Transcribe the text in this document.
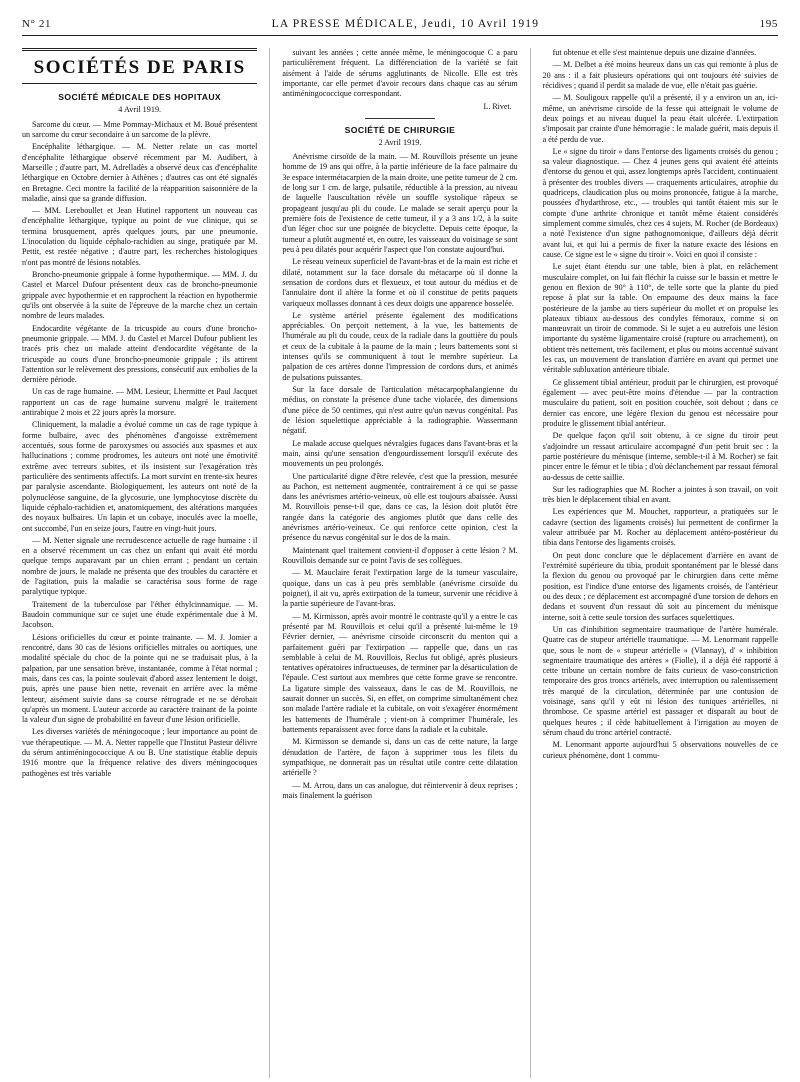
N° 21	LA PRESSE MÉDICALE, Jeudi, 10 Avril 1919	195
SOCIÉTÉS DE PARIS
SOCIÉTÉ MÉDICALE DES HOPITAUX
4 Avril 1919.

Sarcome du cœur. — Mme Pommay-Michaux et M. Boué présentent un sarcome du cœur secondaire à un sarcome de la plèvre.

Encéphalite léthargique. — M. Netter relate un cas mortel d'encéphalite léthargique observé récemment par M. Audibert, à Marseille ; d'autre part, M. Adrelladès a observé deux cas d'encéphalite léthargique en Octobre dernier à Athènes ; d'autres cas ont été signalés en Bretagne. Ceci montre la facilité de la réapparition saisonnière de la maladie, ainsi que sa grande diffusion.

— MM. Lereboullet et Jean Hutinel rapportent un nouveau cas d'encéphalite léthargique, typique au point de vue clinique, qui se termina brusquement, après quelques jours, par une pneumonie. L'inoculation du liquide céphalo-rachidien au singe, pratiquée par M. Pettit, est restée négative ; d'autre part, les recherches histologiques n'ont pas montré de lésions notables.

Broncho-pneumonie grippale à forme hypothermique. — MM. J. du Castel et Marcel Dufour présentent deux cas de broncho-pneumonie grippale avec hypothermie et en rapprochent la réaction en hypothermie qu'ils ont observée à la suite de l'épreuve de la marche chez un certain nombre de leurs malades.

Endocardite végétante de la tricuspide au cours d'une broncho-pneumonie grippale. — MM. J. du Castel et Marcel Dufour publient les tracés pris chez un malade atteint d'endocardite végétante de la tricuspide au cours d'une broncho-pneumonie grippale ; ils attirent l'attention sur le relèvement des pressions, consécutif aux embolies de la dernière période.

Un cas de rage humaine. — MM. Lesieur, Lhermitte et Paul Jacquet rapportent un cas de rage humaine survenu malgré le traitement antirabique 2 mois et 22 jours après la morsure.

Cliniquement, la maladie a évolué comme un cas de rage typique à forme bulbaire, avec des phénomènes d'angoisse extrêmement accentués, sous forme de paroxysmes ou associés aux spasmes et aux hallucinations ; comme prodromes, les auteurs ont noté une émotivité extrême avec terreurs subites, et ils insistent sur l'exagération très particulière des sentiments affectifs. La mort survint en trente-six heures par paralysie ascendante. Biologiquement, les auteurs ont noté de la polynucléose sanguine, de la glycosurie, une lymphocytose discrète du liquide céphalo-rachidien et, anatomiquement, des altérations marquées des noyaux bulbaires. Un lapin et un cobaye, inoculés avec la moelle, ont succombé, l'un en seize jours, l'autre en vingt-huit jours.

— M. Netter signale une recrudescence actuelle de rage humaine : il en a observé récemment un cas chez un enfant qui avait été mordu quelque temps auparavant par un chien errant ; pendant un certain nombre de jours, le malade ne présenta que des troubles du caractère et de l'agitation, puis la maladie se caractérisa sous forme de rage paralytique typique.

Traitement de la tuberculose par l'éther éthylcinnamique. — M. Baudoin communique sur ce sujet une étude expérimentale due à M. Jacobson.

Lésions orificielles du cœur et pointe trainante. — M. J. Jomier a rencontré, dans 30 cas de lésions orificielles mitrales ou aortiques, une modalité spéciale du choc de la pointe qui ne se traduisait plus, à la palpation, par une sensation brève, instantanée, comme à l'état normal ; mais, dans ces cas, la pointe soulevait d'abord assez lentement le doigt, puis, après une pause bien nette, revenait en arrière avec la même lenteur, aisément suivie dans sa course rétrograde et ne se dérobait qu'après un moment. L'auteur accorde au caractère trainant de la pointe la valeur d'un signe de probabilité en faveur d'une lésion orificielle.

Les diverses variétés de méningocoque ; leur importance au point de vue thérapeutique. — M. A. Netter rappelle que l'Institut Pasteur délivre du sérum antiméningococcique A ou B. Une statistique établie depuis 1916 montre que la fréquence relative des divers méningocoques pathogènes est très variable

suivant les années ; cette année même, le méningocoque C a paru particulièrement fréquent. La différenciation de la variété se fait aisément à l'aide de sérums agglutinants de Nicolle. Elle est très importante, car elle permet d'avoir recours dans chaque cas au sérum antiméningococcique correspondant.

L. Rivet.
SOCIÉTÉ DE CHIRURGIE
2 Avril 1919.

Anévrisme cirsoïde de la main. — M. Rouvillois présente un jeune homme de 19 ans qui offre, à la partie inférieure de la face palmaire du 3e espace intermétacarpien de la main droite, une petite tumeur de 2 cm. de long sur 1 cm. de large, pulsatile, réductible à la pression, au niveau de laquelle l'auscultation révèle un souffle systolique râpeux se propageant jusqu'au pli du coude. Le malade se serait aperçu pour la première fois de l'existence de cette tumeur, il y a 3 ans 1/2, à la suite d'un léger choc sur une poignée de bicyclette. Depuis cette époque, la tumeur a plutôt augmenté et, en outre, les vaisseaux du voisinage se sont peu à peu dilatés pour acquérir l'aspect que l'on constate aujourd'hui.

Le réseau veineux superficiel de l'avant-bras et de la main est riche et dilaté, notamment sur la face dorsale du métacarpe où il donne la sensation de cordons durs et flexueux, et tout autour du médius et de l'annulaire dont il altère la forme et où il constitue de petits paquets variqueux mollasses donnant à ces deux doigts une apparence bosselée.

Le système artériel présente également des modifications appréciables. On perçoit nettement, à la vue, les battements de l'humérale au pli du coude, ceux de la radiale dans la gouttière du pouls et ceux de la cubitale à la paume de la main ; leurs battements sont si intenses qu'ils se communiquent à tout le membre supérieur. La palpation de ces artères donne l'impression de cordons durs, et animés de pulsations puissantes.

Sur la face dorsale de l'articulation métacarpophalangienne du médius, on constate la présence d'une tache violacée, des dimensions d'une pièce de 50 centimes, qui n'est autre qu'un nævus congénital. Pas de lésion squelettique appréciable à la radiographie. Wassermann négatif.

Le malade accuse quelques névralgies fugaces dans l'avant-bras et la main, ainsi qu'une sensation d'engourdissement lorsqu'il exécute des mouvements un peu prolongés.

Une particularité digne d'être relevée, c'est que la pression, mesurée au Pachon, est nettement augmentée, contrairement à ce qui se passe dans les anévrismes artério-veineux, où elle est toujours abaissée. Aussi M. Rouvillois pense-t-il que, dans ce cas, la lésion doit plutôt être rangée dans la catégorie des angiomes plutôt que dans celle des anévrismes artério-veineux. Ce qui renforce cette opinion, c'est la présence du nævus congénital sur le dos de la main.

Maintenant quel traitement convient-il d'opposer à cette lésion ? M. Rouvillois demande sur ce point l'avis de ses collègues.

— M. Mauclaire ferait l'extirpation large de la tumeur vasculaire, quoique, dans un cas à peu près semblable (anévrisme cirsoïde du poignet), il ait vu, après extirpation de la tumeur, survenir une récidive à la partie supérieure de l'avant-bras.

— M. Kirmisson, après avoir montré le contraste qu'il y a entre le cas présenté par M. Rouvillois et celui qu'il a présenté lui-même le 19 Février dernier, — anévrisme cirsoïde circonscrit du menton qui a parfaitement guéri par l'extirpation — rappelle que, dans un cas semblable à celui de M. Rouvillois, Reclus fut obligé, après plusieurs tentatives opératoires infructueuses, de terminer par la désarticulation de l'épaule. C'est surtout aux membres que cette forme grave se rencontre. La ligature simple des vaisseaux, dans le cas de M. Rouvillois, ne saurait donner un succès. Si, en effet, on comprime simultanément chez son malade l'artère radiale et la cubitale, on voit s'exagérer énormément les battements de l'humérale ; vient-on à comprimer l'humérale, les battements reparaissent avec force dans la radiale et la cubitale.

M. Kirmisson se demande si, dans un cas de cette nature, la large dénudation de l'artère, de façon à supprimer tous les filets du sympathique, ne donnerait pas un résultat utile contre cette dilatation artérielle ?

— M. Arrou, dans un cas analogue, dut réintervenir à deux reprises ; mais finalement la guérison

fut obtenue et elle s'est maintenue depuis une dizaine d'années.

— M. Delbet a été moins heureux dans un cas qui remonte à plus de 20 ans : il a fait plusieurs opérations qui ont toujours été suivies de récidives ; quand il perdit sa malade de vue, elle n'était pas guérie.

— M. Souligoux rappelle qu'il a présenté, il y a environ un an, ici-même, un anévrisme cirsoïde de la fesse qui atteignait le volume de deux poings et au niveau duquel la peau était ulcérée. L'extirpation s'imposait par crainte d'une hémorragie : le malade guérit, mais depuis il a été perdu de vue.

Le « signe du tiroir » dans l'entorse des ligaments croisés du genou ; sa valeur diagnostique. — Chez 4 jeunes gens qui avaient été atteints d'entorse du genou et qui, assez longtemps après l'accident, continuaient à présenter des troubles divers — craquements articulaires, atrophie du quadriceps, claudication plus ou moins prononcée, fatigue à la marche, poussées d'hydarthrose, etc., — troubles qui tantôt étaient mis sur le compte d'une arthrite chronique et tantôt même étaient considérés simplement comme simulés, chez ces 4 sujets, M. Rocher (de Bordeaux) a noté l'existence d'un signe pathognomonique, d'ailleurs déjà décrit avant lui, et qui lui a permis de fixer la nature exacte des lésions en cause. Ce signe est le « signe du tiroir ». Voici en quoi il consiste :

Le sujet étant étendu sur une table, bien à plat, en relâchement musculaire complet, on lui fait fléchir la cuisse sur le bassin et mettre le genou en flexion de 90° à 110°, de telle sorte que la plante du pied repose à plat sur la table. On empaume des deux mains la face postérieure de la jambe au tiers supérieur du mollet et on propulse les plateaux tibiaux au-dessous des condyles fémoraux, comme si on manœuvrait un tiroir de commode. Si le sujet a eu autrefois une lésion importante du système ligamentaire croisé (rupture ou arrachement), on obtient très nettement, très facilement, et plus ou moins accentué suivant les cas, un mouvement de translation d'arrière en avant qui permet une véritable subluxation antérieure tibiale.

Ce glissement tibial antérieur, produit par le chirurgien, est provoqué également — avec peut-être moins d'étendue — par la contraction musculaire du patient, soit en position couchée, soit debout ; dans ce dernier cas encore, une légère flexion du genou est nécessaire pour produire le glissement tibial antérieur.

De quelque façon qu'il soit obtenu, à ce signe du tiroir peut s'adjoindre un ressaut articulaire accompagné d'un petit bruit sec : la partie postérieure du ménisque (interne, semble-t-il à M. Rocher) se fait pincer entre le fémur et le tibia ; d'où déclanchement par ressaut fémoral au-dessus de cette saillie.

Sur les radiographies que M. Rocher a jointes à son travail, on voit très bien le déplacement tibial en avant.

Les expériences que M. Mouchet, rapporteur, a pratiquées sur le cadavre (section des ligaments croisés) lui permettent de confirmer la valeur attribuée par M. Rocher au déplacement antéro-postérieur du tibia dans l'entorse des ligaments croisés.

On peut donc conclure que le déplacement d'arrière en avant de l'extrémité supérieure du tibia, produit spontanément par le blessé dans la flexion du genou ou provoqué par le chirurgien dans cette même position, est l'indice d'une entorse des ligaments croisés, de l'antérieur ou des deux ; ce déplacement est accompagné d'une torsion de dehors en dedans et souvent d'un ressaut dû soit au pincement du ménisque interne, soit à cette seule torsion des surfaces squelettiques.

Un cas d'inhibition segmentaire traumatique de l'artère humérale. Quatre cas de stupeur artérielle traumatique. — M. Lenormant rappelle que, sous le nom de « stupeur artérielle » (Vlannay), d' « inhibition segmentaire traumatique des artères » (Fiolle), il a déjà été rapporté à cette tribune un certain nombre de faits curieux de vaso-constriction temporaire des gros troncs artériels, avec interruption ou ralentissement très marqué de la circulation, déterminée par une contusion de voisinage, sans qu'il y eût ni lésion des tuniques artérielles, ni thrombose. Ce spasme artériel est passager et disparaît au bout de quelques heures ; il cède habituellement à l'irrigation au moyen de sérum chaud du tronc artériel contracté.

M. Lenormant apporte aujourd'hui 5 observations nouvelles de ce curieux phénomène, dont 1 commu-
